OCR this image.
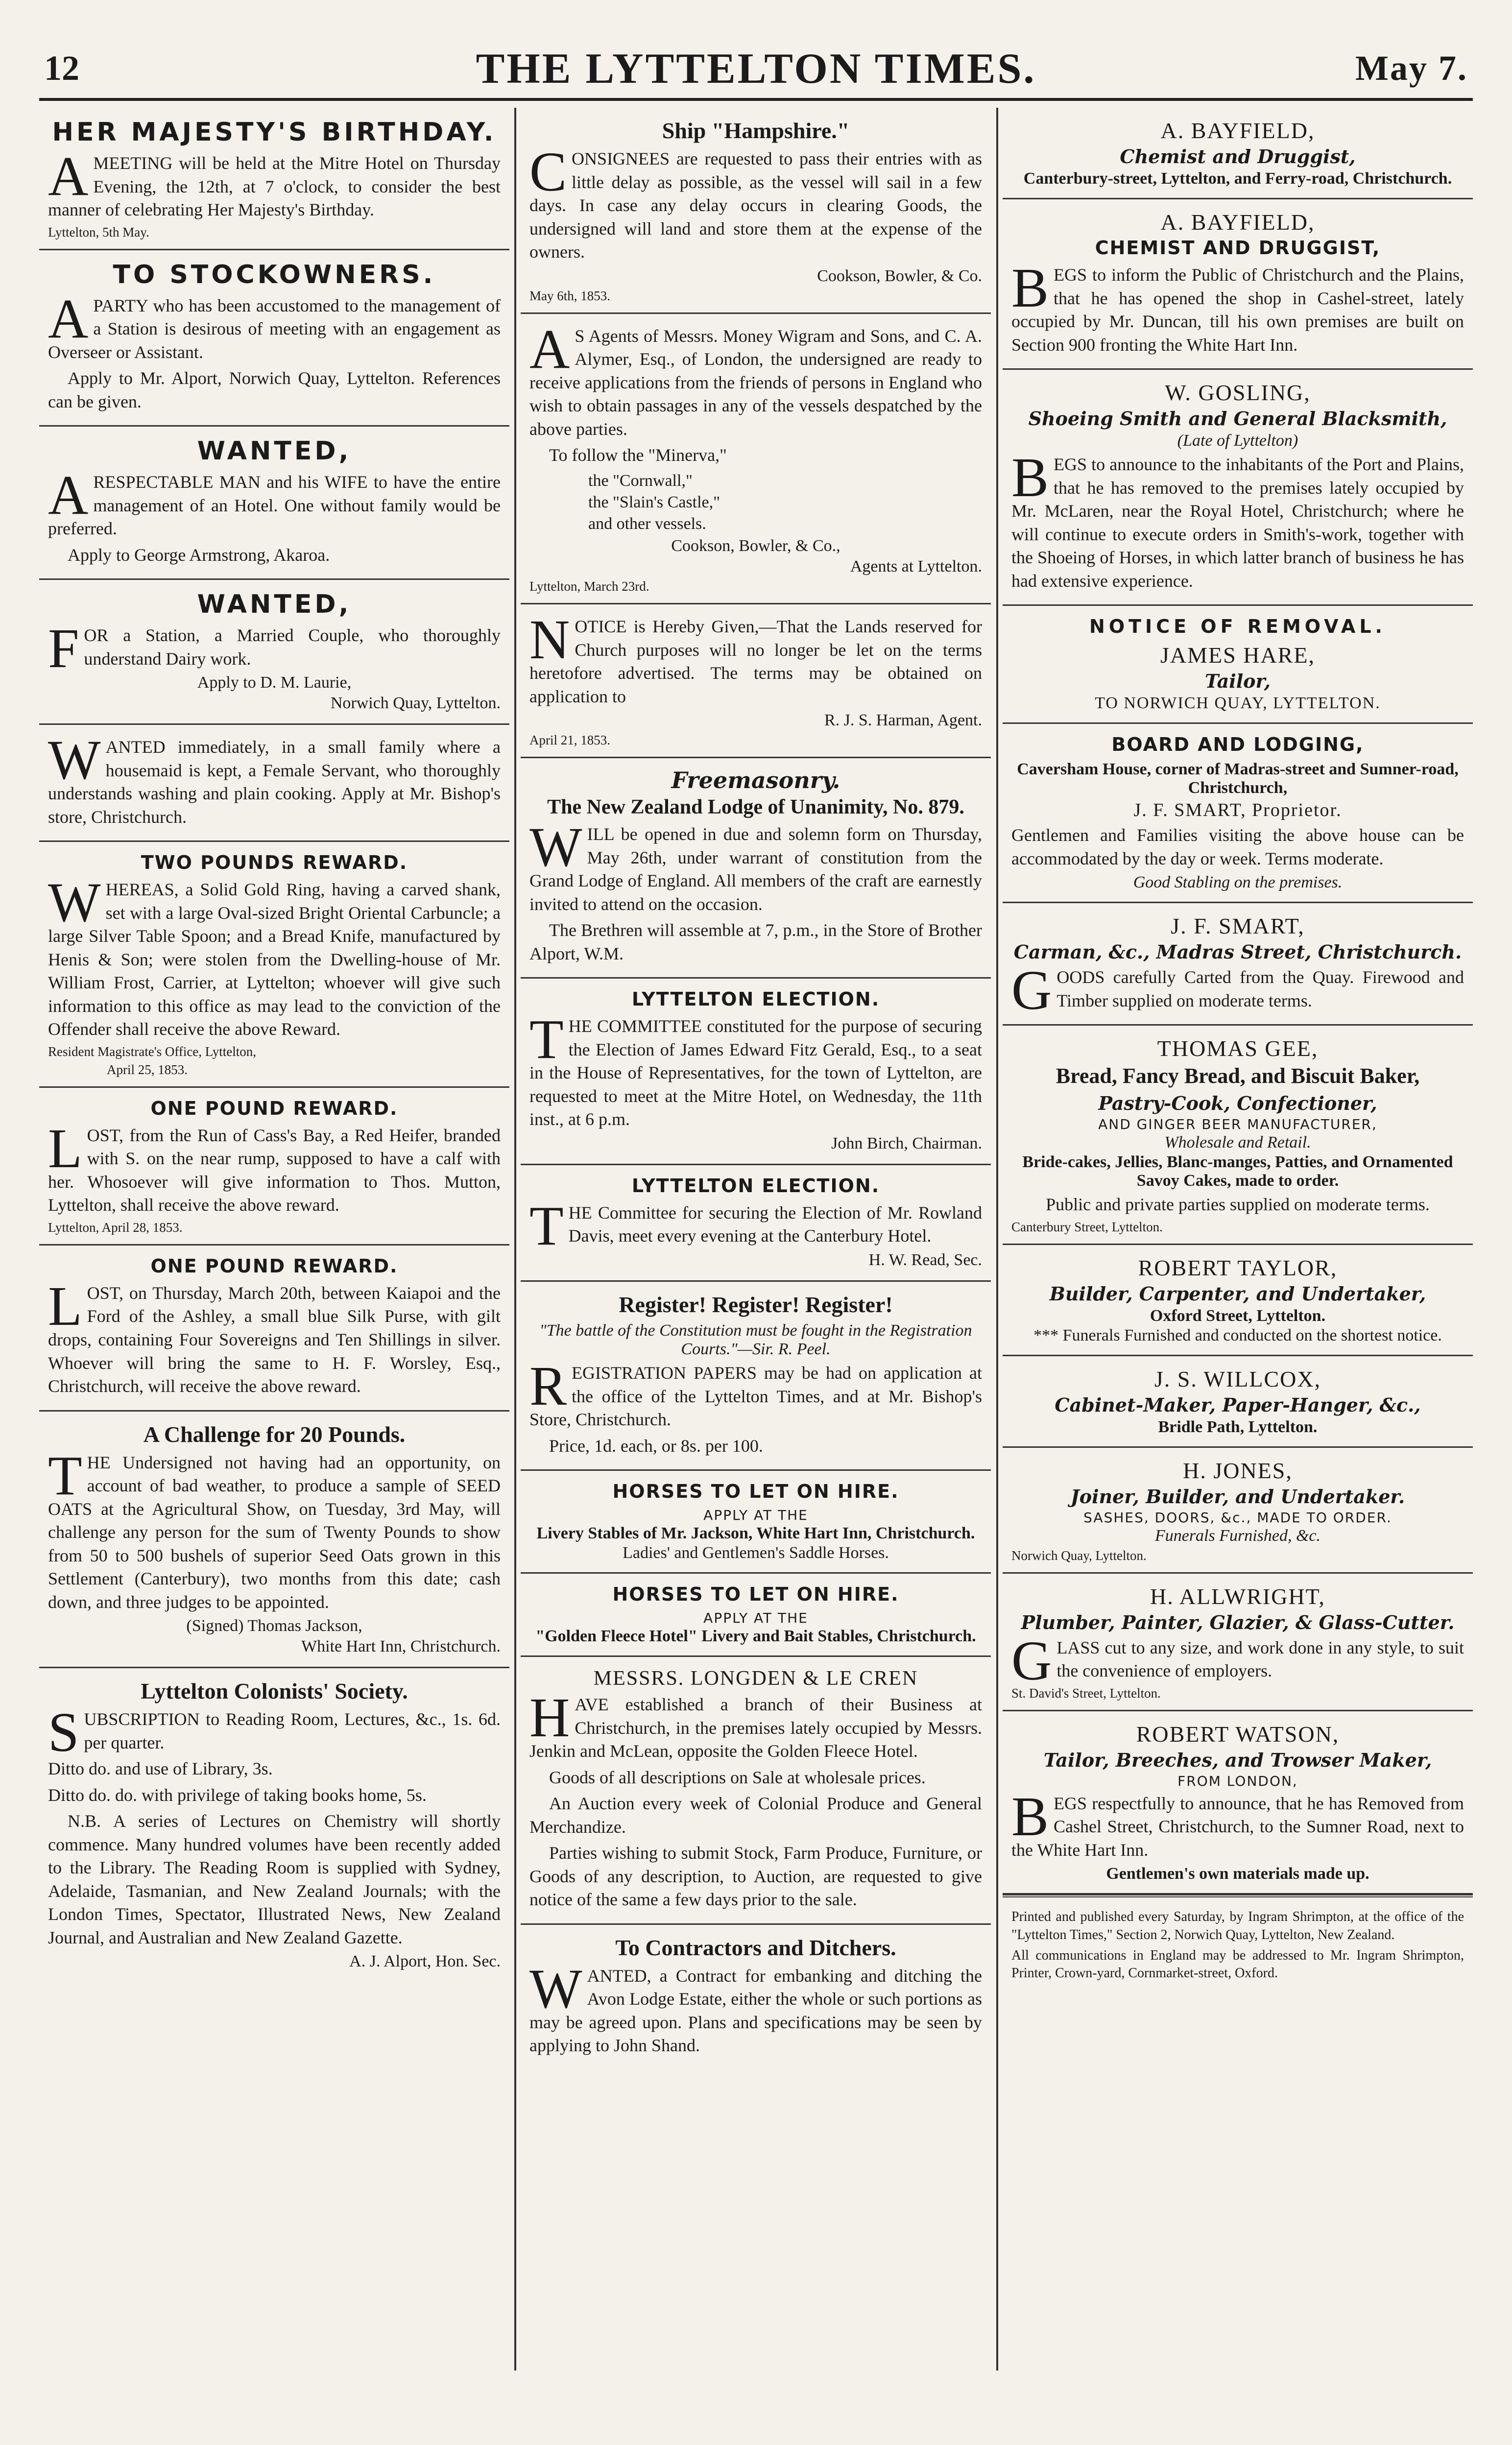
12	THE LYTTELTON TIMES.	May 7.
HER MAJESTY'S BIRTHDAY.
AMEETING will be held at the Mitre Hotel on Thursday Evening, the 12th, at 7 o'clock, to consider the best manner of celebrating Her Majesty's Birthday.
Lyttelton, 5th May.
TO STOCKOWNERS.
APARTY who has been accustomed to the management of a Station is desirous of meeting with an engagement as Overseer or Assistant.
Apply to Mr. Alport, Norwich Quay, Lyttelton. References can be given.
WANTED,
ARESPECTABLE MAN and his WIFE to have the entire management of an Hotel. One without family would be preferred.
Apply to George Armstrong, Akaroa.
WANTED,
FOR a Station, a Married Couple, who thoroughly understand Dairy work.
Apply to D. M. Laurie,
Norwich Quay, Lyttelton.
WANTED immediately, in a small family where a housemaid is kept, a Female Servant, who thoroughly understands washing and plain cooking. Apply at Mr. Bishop's store, Christchurch.
TWO POUNDS REWARD.
WHEREAS, a Solid Gold Ring, having a carved shank, set with a large Oval-sized Bright Oriental Carbuncle; a large Silver Table Spoon; and a Bread Knife, manufactured by Henis & Son; were stolen from the Dwelling-house of Mr. William Frost, Carrier, at Lyttelton; whoever will give such information to this office as may lead to the conviction of the Offender shall receive the above Reward.
Resident Magistrate's Office, Lyttelton,
April 25, 1853.
ONE POUND REWARD.
LOST, from the Run of Cass's Bay, a Red Heifer, branded with S. on the near rump, supposed to have a calf with her. Whosoever will give information to Thos. Mutton, Lyttelton, shall receive the above reward.
Lyttelton, April 28, 1853.
ONE POUND REWARD.
LOST, on Thursday, March 20th, between Kaiapoi and the Ford of the Ashley, a small blue Silk Purse, with gilt drops, containing Four Sovereigns and Ten Shillings in silver. Whoever will bring the same to H. F. Worsley, Esq., Christchurch, will receive the above reward.
A Challenge for 20 Pounds.
THE Undersigned not having had an opportunity, on account of bad weather, to produce a sample of SEED OATS at the Agricultural Show, on Tuesday, 3rd May, will challenge any person for the sum of Twenty Pounds to show from 50 to 500 bushels of superior Seed Oats grown in this Settlement (Canterbury), two months from this date; cash down, and three judges to be appointed.
(Signed) Thomas Jackson,
White Hart Inn, Christchurch.
Lyttelton Colonists' Society.
SUBSCRIPTION to Reading Room, Lectures, &c., 1s. 6d. per quarter.
Ditto do. and use of Library, 3s.
Ditto do. do. with privilege of taking books home, 5s.
N.B. A series of Lectures on Chemistry will shortly commence. Many hundred volumes have been recently added to the Library. The Reading Room is supplied with Sydney, Adelaide, Tasmanian, and New Zealand Journals; with the London Times, Spectator, Illustrated News, New Zealand Journal, and Australian and New Zealand Gazette.
A. J. Alport, Hon. Sec.
Ship "Hampshire."
CONSIGNEES are requested to pass their entries with as little delay as possible, as the vessel will sail in a few days. In case any delay occurs in clearing Goods, the undersigned will land and store them at the expense of the owners.
Cookson, Bowler, & Co.
May 6th, 1853.
AS Agents of Messrs. Money Wigram and Sons, and C. A. Alymer, Esq., of London, the undersigned are ready to receive applications from the friends of persons in England who wish to obtain passages in any of the vessels despatched by the above parties.
To follow the "Minerva,"
the "Cornwall,"
the "Slain's Castle,"
and other vessels.
Cookson, Bowler, & Co.,
Agents at Lyttelton.
Lyttelton, March 23rd.
NOTICE is Hereby Given,—That the Lands reserved for Church purposes will no longer be let on the terms heretofore advertised. The terms may be obtained on application to
R. J. S. Harman, Agent.
April 21, 1853.
Freemasonry.
The New Zealand Lodge of Unanimity, No. 879.
WILL be opened in due and solemn form on Thursday, May 26th, under warrant of constitution from the Grand Lodge of England. All members of the craft are earnestly invited to attend on the occasion.
The Brethren will assemble at 7, p.m., in the Store of Brother Alport, W.M.
LYTTELTON ELECTION.
THE COMMITTEE constituted for the purpose of securing the Election of James Edward Fitz Gerald, Esq., to a seat in the House of Representatives, for the town of Lyttelton, are requested to meet at the Mitre Hotel, on Wednesday, the 11th inst., at 6 p.m.
John Birch, Chairman.
LYTTELTON ELECTION.
THE Committee for securing the Election of Mr. Rowland Davis, meet every evening at the Canterbury Hotel.
H. W. Read, Sec.
Register! Register! Register!
"The battle of the Constitution must be fought in the Registration Courts."—Sir. R. Peel.
REGISTRATION PAPERS may be had on application at the office of the Lyttelton Times, and at Mr. Bishop's Store, Christchurch.
Price, 1d. each, or 8s. per 100.
HORSES TO LET ON HIRE.
APPLY AT THE
Livery Stables of Mr. Jackson, White Hart Inn, Christchurch.
Ladies' and Gentlemen's Saddle Horses.
HORSES TO LET ON HIRE.
APPLY AT THE
"Golden Fleece Hotel" Livery and Bait Stables, Christchurch.
MESSRS. LONGDEN & LE CREN
HAVE established a branch of their Business at Christchurch, in the premises lately occupied by Messrs. Jenkin and McLean, opposite the Golden Fleece Hotel.
Goods of all descriptions on Sale at wholesale prices.
An Auction every week of Colonial Produce and General Merchandize.
Parties wishing to submit Stock, Farm Produce, Furniture, or Goods of any description, to Auction, are requested to give notice of the same a few days prior to the sale.
To Contractors and Ditchers.
WANTED, a Contract for embanking and ditching the Avon Lodge Estate, either the whole or such portions as may be agreed upon. Plans and specifications may be seen by applying to John Shand.
A. BAYFIELD,
Chemist and Druggist,
Canterbury-street, Lyttelton, and Ferry-road, Christchurch.
A. BAYFIELD,
CHEMIST AND DRUGGIST,
BEGS to inform the Public of Christchurch and the Plains, that he has opened the shop in Cashel-street, lately occupied by Mr. Duncan, till his own premises are built on Section 900 fronting the White Hart Inn.
W. GOSLING,
Shoeing Smith and General Blacksmith,
(Late of Lyttelton)
BEGS to announce to the inhabitants of the Port and Plains, that he has removed to the premises lately occupied by Mr. McLaren, near the Royal Hotel, Christchurch; where he will continue to execute orders in Smith's-work, together with the Shoeing of Horses, in which latter branch of business he has had extensive experience.
NOTICE OF REMOVAL.
JAMES HARE,
Tailor,
TO NORWICH QUAY, LYTTELTON.
BOARD AND LODGING,
Caversham House, corner of Madras-street and Sumner-road, Christchurch,
J. F. SMART, Proprietor.
Gentlemen and Families visiting the above house can be accommodated by the day or week. Terms moderate.
Good Stabling on the premises.
J. F. SMART,
Carman, &c., Madras Street, Christchurch.
GOODS carefully Carted from the Quay. Firewood and Timber supplied on moderate terms.
THOMAS GEE,
Bread, Fancy Bread, and Biscuit Baker,
Pastry-Cook, Confectioner,
AND GINGER BEER MANUFACTURER,
Wholesale and Retail.
Bride-cakes, Jellies, Blanc-manges, Patties, and Ornamented Savoy Cakes, made to order.
Public and private parties supplied on moderate terms.
Canterbury Street, Lyttelton.
ROBERT TAYLOR,
Builder, Carpenter, and Undertaker,
Oxford Street, Lyttelton.
*** Funerals Furnished and conducted on the shortest notice.
J. S. WILLCOX,
Cabinet-Maker, Paper-Hanger, &c.,
Bridle Path, Lyttelton.
H. JONES,
Joiner, Builder, and Undertaker.
SASHES, DOORS, &c., MADE TO ORDER.
Funerals Furnished, &c.
Norwich Quay, Lyttelton.
H. ALLWRIGHT,
Plumber, Painter, Glazier, & Glass-Cutter.
GLASS cut to any size, and work done in any style, to suit the convenience of employers.
St. David's Street, Lyttelton.
ROBERT WATSON,
Tailor, Breeches, and Trowser Maker,
FROM LONDON,
BEGS respectfully to announce, that he has Removed from Cashel Street, Christchurch, to the Sumner Road, next to the White Hart Inn.
Gentlemen's own materials made up.
Printed and published every Saturday, by Ingram Shrimpton, at the office of the "Lyttelton Times," Section 2, Norwich Quay, Lyttelton, New Zealand.
All communications in England may be addressed to Mr. Ingram Shrimpton, Printer, Crown-yard, Cornmarket-street, Oxford.
